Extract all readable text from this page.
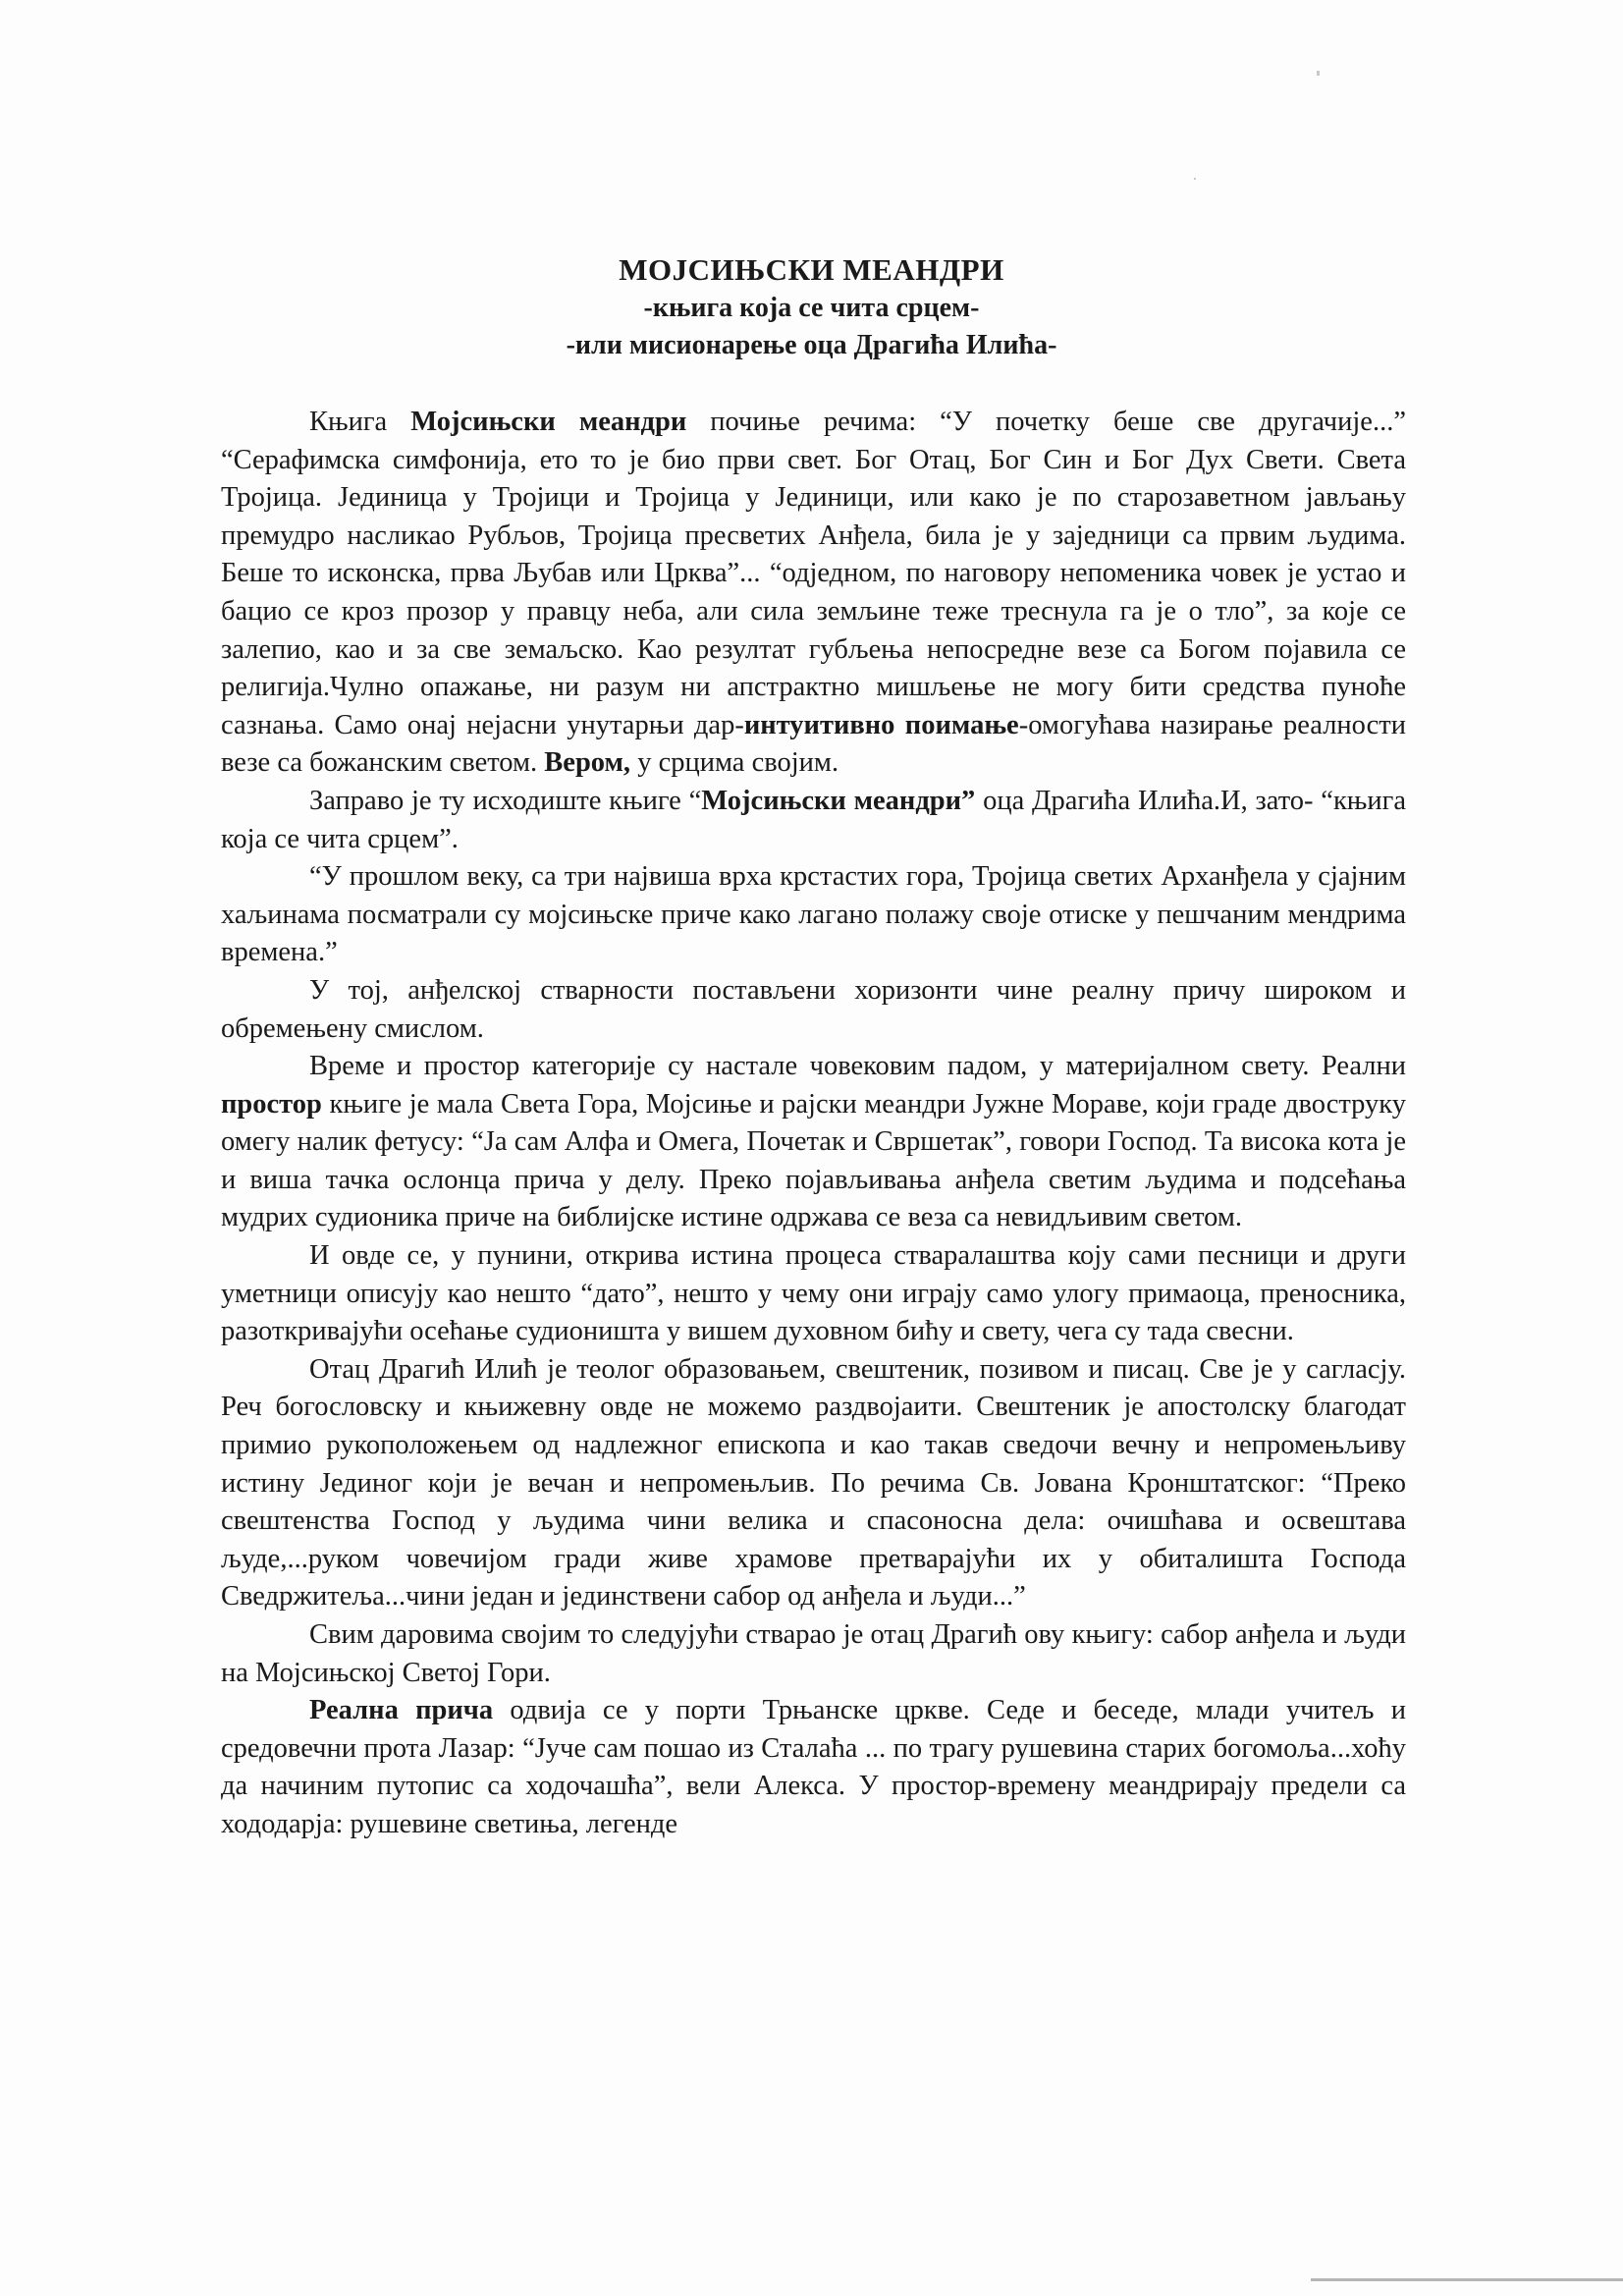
МОЈСИЊСКИ МЕАНДРИ
-књига која се чита срцем-
-или мисионарење оца Драгића Илића-

Књига Мојсињски меандри почиње речима: “У почетку беше све другачије...” “Серафимска симфонија, ето то је био први свет. Бог Отац, Бог Син и Бог Дух Свети. Света Тројица. Јединица у Тројици и Тројица у Јединици, или како је по старозаветном јављању премудро насликао Рубљов, Тројица пресветих Анђела, била је у заједници са првим људима. Беше то исконска, прва Љубав или Црква”... “одједном, по наговору непоменика човек је устао и бацио се кроз прозор у правцу неба, али сила земљине теже треснула га је о тло”, за које се залепио, као и за све земаљско. Као резултат губљења непосредне везе са Богом појавила се религија.Чулно опажање, ни разум ни апстрактно мишљење не могу бити средства пуноће сазнања. Само онај нејасни унутарњи дар-интуитивно поимање-омогућава назирање реалности везе са божанским светом. Вером, у срцима својим.

Заправо је ту исходиште књиге “Мојсињски меандри” оца Драгића Илића.И, зато- “књига која се чита срцем”.

“У прошлом веку, са три највиша врха крстастих гора, Тројица светих Арханђела у сјајним хаљинама посматрали су мојсињске приче како лагано полажу своје отиске у пешчаним мендрима времена.”

У тој, анђелској стварности постављени хоризонти чине реалну причу широком и обремењену смислом.

Време и простор категорије су настале човековим падом, у материјалном свету. Реални простор књиге је мала Света Гора, Мојсиње и рајски меандри Јужне Мораве, који граде двоструку омегу налик фетусу: “Ја сам Алфа и Омега, Почетак и Свршетак”, говори Господ. Та висока кота је и виша тачка ослонца прича у делу. Преко појављивања анђела светим људима и подсећања мудрих судионика приче на библијске истине одржава се веза са невидљивим светом.

И овде се, у пунини, открива истина процеса стваралаштва коју сами песници и други уметници описују као нешто “дато”, нешто у чему они играју само улогу примаоца, преносника, разоткривајући осећање судионишта у вишем духовном бићу и свету, чега су тада свесни.

Отац Драгић Илић је теолог образовањем, свештеник, позивом и писац. Све је у сагласју. Реч богословску и књижевну овде не можемо раздвојаити. Свештеник је апостолску благодат примио рукоположењем од надлежног епископа и као такав сведочи вечну и непромењљиву истину Јединог који је вечан и непромењљив. По речима Св. Јована Кронштатског: “Преко свештенства Господ у људима чини велика и спасоносна дела: очишћава и освештава људе,...руком човечијом гради живе храмове претварајући их у обиталишта Господа Сведржитеља...чини један и јединствени сабор од анђела и људи...”

Свим даровима својим то следујући стварао је отац Драгић ову књигу: сабор анђела и људи на Мојсињској Светој Гори.

Реална прича одвија се у порти Трњанске цркве. Седе и беседе, млади учитељ и средовечни прота Лазар: “Јуче сам пошао из Сталаћа ... по трагу рушевина старих богомоља...хоћу да начиним путопис са ходочашћа”, вели Алекса. У простор-времену меандрирају предели са хододарја: рушевине светиња, легенде
